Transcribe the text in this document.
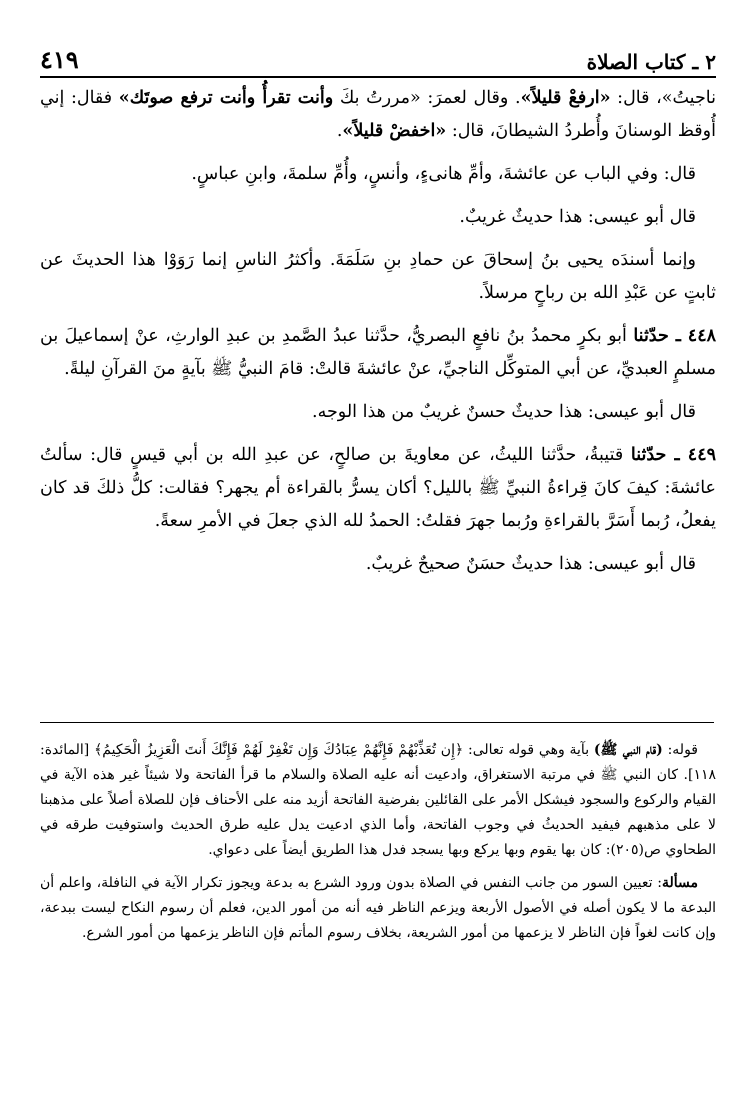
٢ ـ كتاب الصلاة
٤١٩

ناجيتُ»، قال: «ارفعْ قليلاً». وقال لعمرَ: «مررتُ بكَ وأنت تقرأُ وأنت ترفع صوتَك» فقال: إني أُوقظ الوسنانَ وأُطردُ الشيطانَ، قال: «اخفضْ قليلاً».

قال: وفي الباب عن عائشةَ، وأمِّ هانىءٍ، وأنسٍ، وأُمِّ سلمةَ، وابنِ عباسٍ.

قال أبو عيسى: هذا حديثٌ غريبٌ.

وإنما أسندَه يحيى بنُ إسحاقَ عن حمادِ بنِ سَلَمَةَ. وأكثرُ الناسِ إنما رَوَوْا هذا الحديثَ عن ثابتٍ عن عَبْدِ الله بن رباحٍ مرسلاً.

٤٤٨ ـ حدّثنا أبو بكرٍ محمدُ بنُ نافعٍ البصريُّ، حدَّثنا عبدُ الصَّمدِ بن عبدِ الوارثِ، عنْ إسماعيلَ بن مسلمٍ العبديِّ، عن أبي المتوكِّل الناجيِّ، عنْ عائشةَ قالتْ: قامَ النبيُّ ﷺ بآيةٍ منَ القرآنِ ليلةً.

قال أبو عيسى: هذا حديثٌ حسنٌ غريبٌ من هذا الوجه.

٤٤٩ ـ حدّثنا قتيبةُ، حدَّثنا الليثُ، عن معاويةَ بن صالحٍ، عن عبدِ الله بن أبي قيسٍ قال: سألتُ عائشةَ: كيفَ كانَ قِراءةُ النبيِّ ﷺ بالليل؟ أكان يسرُّ بالقراءة أم يجهر؟ فقالت: كلُّ ذلكَ قد كان يفعلُ، رُبما أَسَرَّ بالقراءةِ ورُبما جهرَ فقلتُ: الحمدُ لله الذي جعلَ في الأمرِ سعةً.

قال أبو عيسى: هذا حديثٌ حسَنٌ صحيحٌ غريبٌ.

قوله: (قام النبي ﷺ) بآية وهي قوله تعالى: ﴿إِن تُعَذِّبْهُمْ فَإِنَّهُمْ عِبَادُكَ وَإِن تَغْفِرْ لَهُمْ فَإِنَّكَ أَنتَ الْعَزِيزُ الْحَكِيمُ﴾ [المائدة: ١١٨]. كان النبي ﷺ في مرتبة الاستغراق، وادعيت أنه عليه الصلاة والسلام ما قرأ الفاتحة ولا شيئاً غير هذه الآية في القيام والركوع والسجود فيشكل الأمر على القائلين بفرضية الفاتحة أزيد منه على الأحناف فإن للصلاة أصلاً على مذهبنا لا على مذهبهم فيفيد الحديثُ في وجوب الفاتحة، وأما الذي ادعيت يدل عليه طرق الحديث واستوفيت طرقه في الطحاوي ص(٢٠٥): كان بها يقوم وبها يركع وبها يسجد فدل هذا الطريق أيضاً على دعواي.

مسألة: تعيين السور من جانب النفس في الصلاة بدون ورود الشرع به بدعة ويجوز تكرار الآية في النافلة، واعلم أن البدعة ما لا يكون أصله في الأصول الأربعة ويزعم الناظر فيه أنه من أمور الدين، فعلم أن رسوم النكاح ليست ببدعة، وإن كانت لغواً فإن الناظر لا يزعمها من أمور الشريعة، بخلاف رسوم المأتم فإن الناظر يزعمها من أمور الشرع.
